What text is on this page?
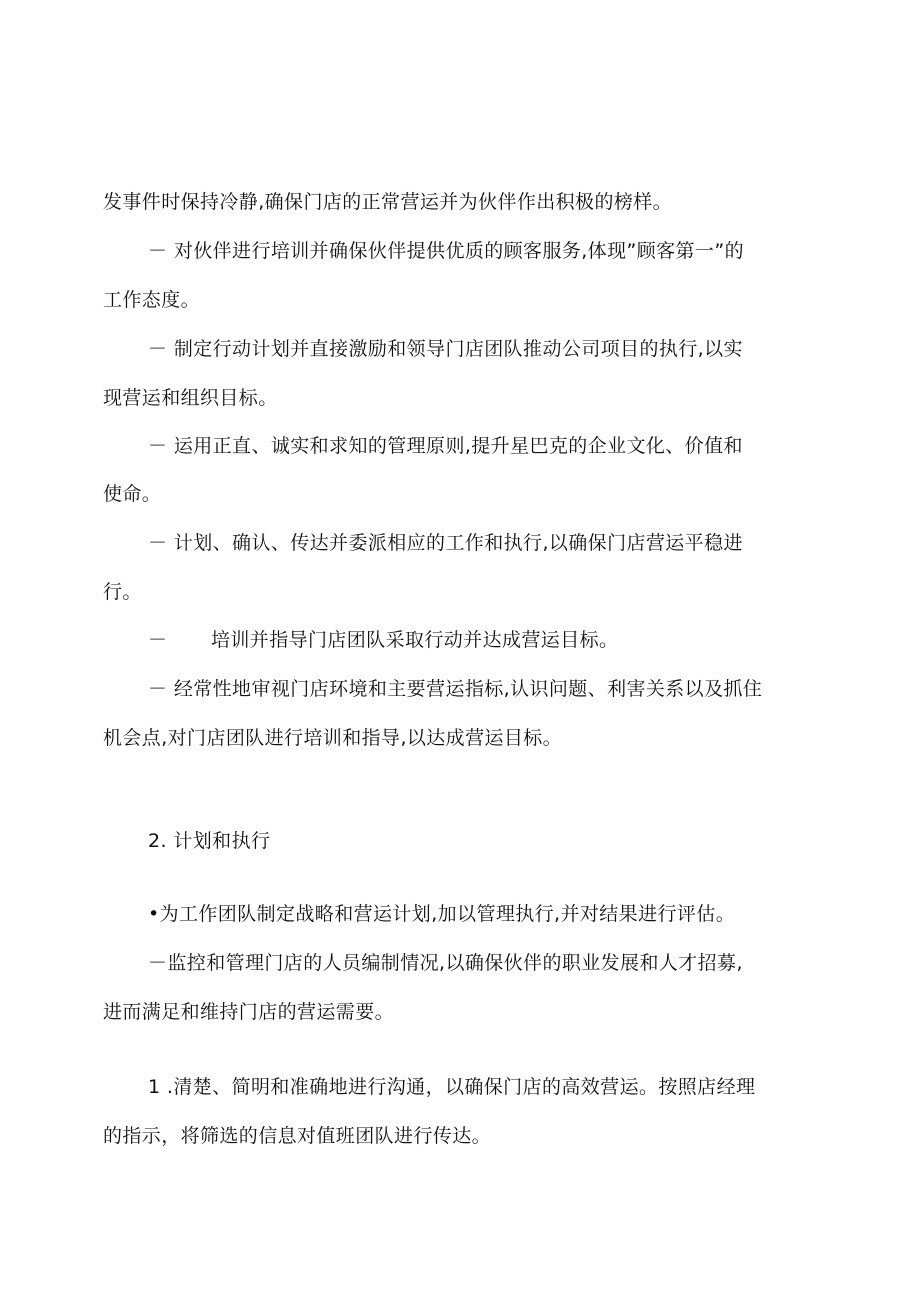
发事件时保持冷静,确保门店的正常营运并为伙伴作出积极的榜样。
－ 对伙伴进行培训并确保伙伴提供优质的顾客服务,体现”顾客第一”的
工作态度。
－ 制定行动计划并直接激励和领导门店团队推动公司项目的执行,以实
现营运和组织目标。
－ 运用正直、诚实和求知的管理原则,提升星巴克的企业文化、价值和
使命。
－ 计划、确认、传达并委派相应的工作和执行,以确保门店营运平稳进
行。
－ 培训并指导门店团队采取行动并达成营运目标。
－ 经常性地审视门店环境和主要营运指标,认识问题、利害关系以及抓住
机会点,对门店团队进行培训和指导,以达成营运目标。
2. 计划和执行
•为工作团队制定战略和营运计划,加以管理执行,并对结果进行评估。
－监控和管理门店的人员编制情况,以确保伙伴的职业发展和人才招募,
进而满足和维持门店的营运需要。
1 .清楚、简明和准确地进行沟通，以确保门店的高效营运。按照店经理
的指示，将筛选的信息对值班团队进行传达。
